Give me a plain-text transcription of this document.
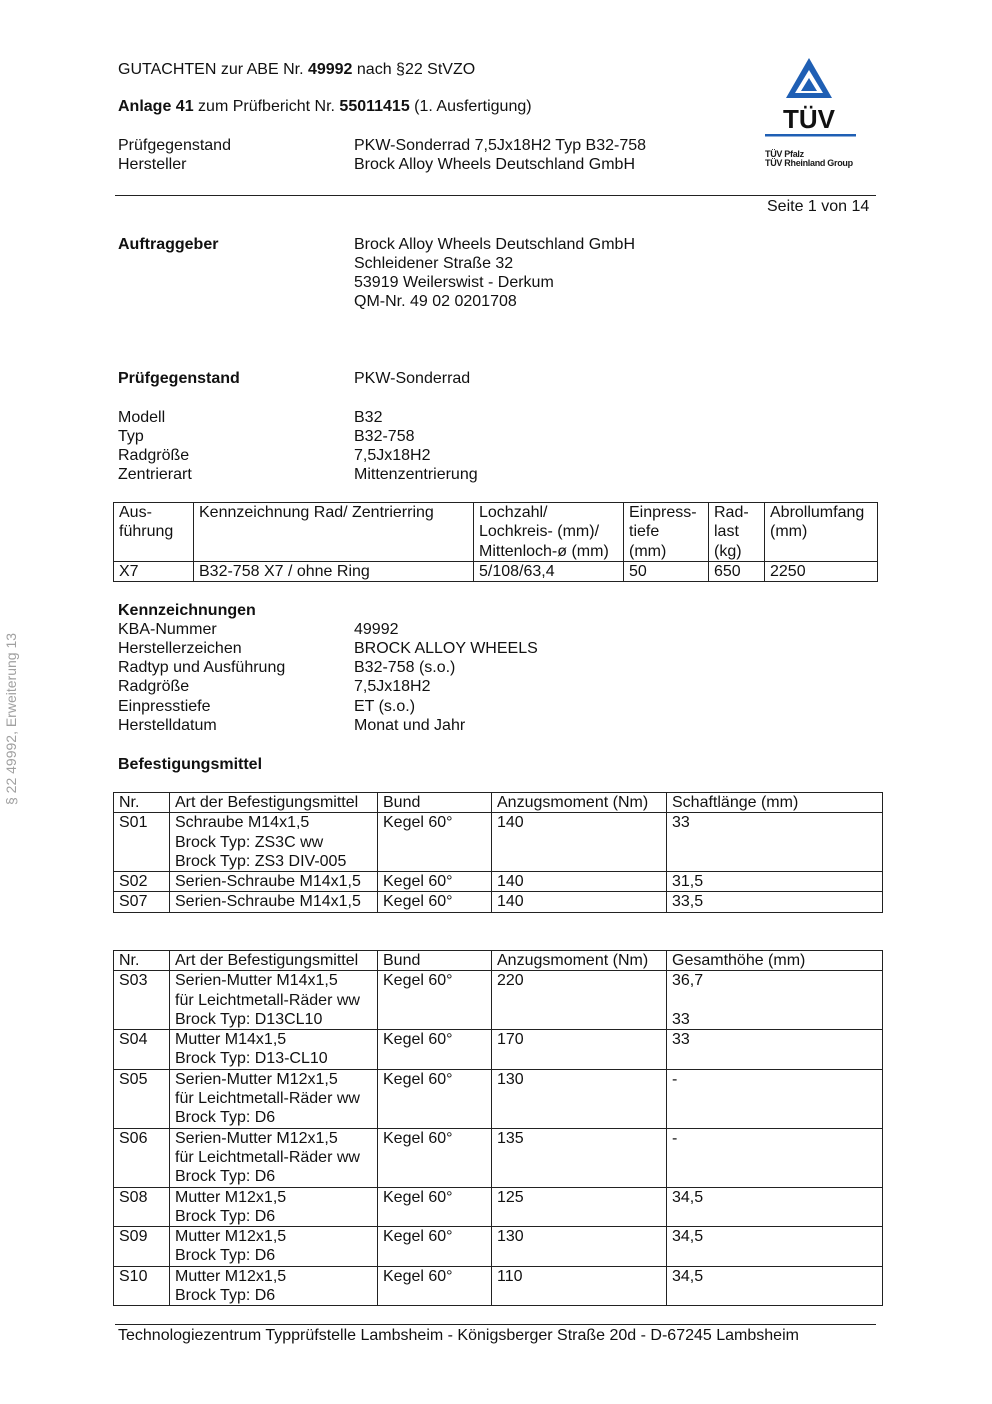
GUTACHTEN zur ABE Nr. 49992 nach §22 StVZO
Anlage 41 zum Prüfbericht Nr. 55011415 (1. Ausfertigung)
Prüfgegenstand	PKW-Sonderrad 7,5Jx18H2 Typ B32-758
Hersteller	Brock Alloy Wheels Deutschland GmbH
TÜV
TÜV Pfalz
TÜV Rheinland Group
Seite 1 von 14
§ 22 49992, Erweiterung 13
Auftraggeber	Brock Alloy Wheels Deutschland GmbH
Schleidener Straße 32
53919 Weilerswist - Derkum
QM-Nr. 49 02 0201708
Prüfgegenstand	PKW-Sonderrad
Modell	B32
Typ	B32-758
Radgröße	7,5Jx18H2
Zentrierart	Mittenzentrierung
Aus-
führung	Kennzeichnung Rad/ Zentrierring	Lochzahl/
Lochkreis- (mm)/
Mittenloch-ø (mm)	Einpress-
tiefe
(mm)	Rad-
last
(kg)	Abrollumfang
(mm)
X7	B32-758 X7 / ohne Ring	5/108/63,4	50	650	2250
Kennzeichnungen
KBA-Nummer	49992
Herstellerzeichen	BROCK ALLOY WHEELS
Radtyp und Ausführung	B32-758 (s.o.)
Radgröße	7,5Jx18H2
Einpresstiefe	ET (s.o.)
Herstelldatum	Monat und Jahr
Befestigungsmittel
Nr.	Art der Befestigungsmittel	Bund	Anzugsmoment (Nm)	Schaftlänge (mm)
S01	Schraube M14x1,5
Brock Typ: ZS3C ww
Brock Typ: ZS3 DIV-005	Kegel 60°	140	33
S02	Serien-Schraube M14x1,5	Kegel 60°	140	31,5
S07	Serien-Schraube M14x1,5	Kegel 60°	140	33,5
Nr.	Art der Befestigungsmittel	Bund	Anzugsmoment (Nm)	Gesamthöhe (mm)
S03	Serien-Mutter M14x1,5
für Leichtmetall-Räder ww
Brock Typ: D13CL10	Kegel 60°	220	36,7

33
S04	Mutter M14x1,5
Brock Typ: D13-CL10	Kegel 60°	170	33
S05	Serien-Mutter M12x1,5
für Leichtmetall-Räder ww
Brock Typ: D6	Kegel 60°	130	-
S06	Serien-Mutter M12x1,5
für Leichtmetall-Räder ww
Brock Typ: D6	Kegel 60°	135	-
S08	Mutter M12x1,5
Brock Typ: D6	Kegel 60°	125	34,5
S09	Mutter M12x1,5
Brock Typ: D6	Kegel 60°	130	34,5
S10	Mutter M12x1,5
Brock Typ: D6	Kegel 60°	110	34,5
Technologiezentrum Typprüfstelle Lambsheim - Königsberger Straße 20d - D-67245 Lambsheim
